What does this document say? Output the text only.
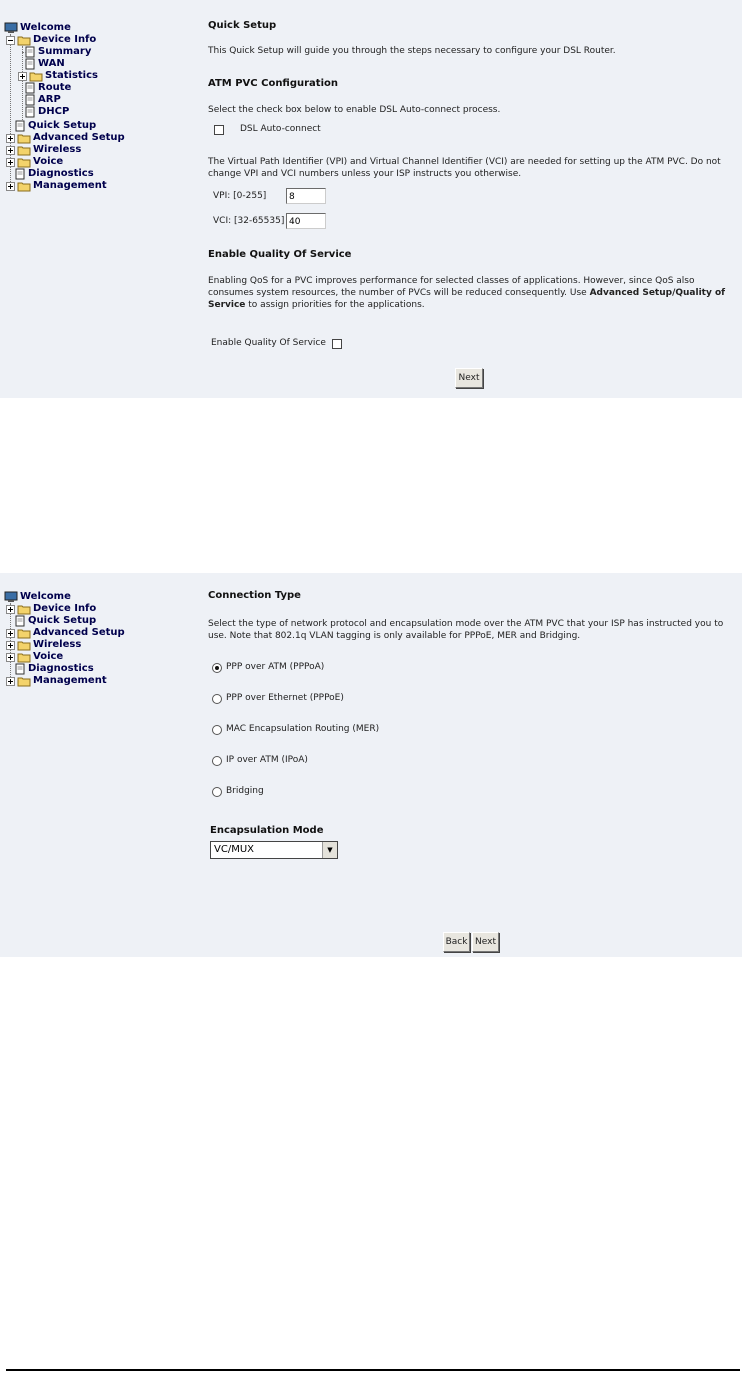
Welcome
Device Info
Summary
WAN
Statistics
Route
ARP
DHCP
Quick Setup
Advanced Setup
Wireless
Voice
Diagnostics
Management
Quick Setup
This Quick Setup will guide you through the steps necessary to configure your DSL Router.
ATM PVC Configuration
Select the check box below to enable DSL Auto-connect process.
DSL Auto-connect
The Virtual Path Identifier (VPI) and Virtual Channel Identifier (VCI) are needed for setting up the ATM PVC. Do not change VPI and VCI numbers unless your ISP instructs you otherwise.
VPI: [0-255]	8
VCI: [32-65535] 40
Enable Quality Of Service
Enabling QoS for a PVC improves performance for selected classes of applications. However, since QoS also consumes system resources, the number of PVCs will be reduced consequently. Use Advanced Setup/Quality of Service to assign priorities for the applications.
Enable Quality Of Service
Next
Welcome
Device Info
Quick Setup
Advanced Setup
Wireless
Voice
Diagnostics
Management
Connection Type
Select the type of network protocol and encapsulation mode over the ATM PVC that your ISP has instructed you to use. Note that 802.1q VLAN tagging is only available for PPPoE, MER and Bridging.
PPP over ATM (PPPoA)
PPP over Ethernet (PPPoE)
MAC Encapsulation Routing (MER)
IP over ATM (IPoA)
Bridging
Encapsulation Mode
VC/MUX	▼
Back Next
